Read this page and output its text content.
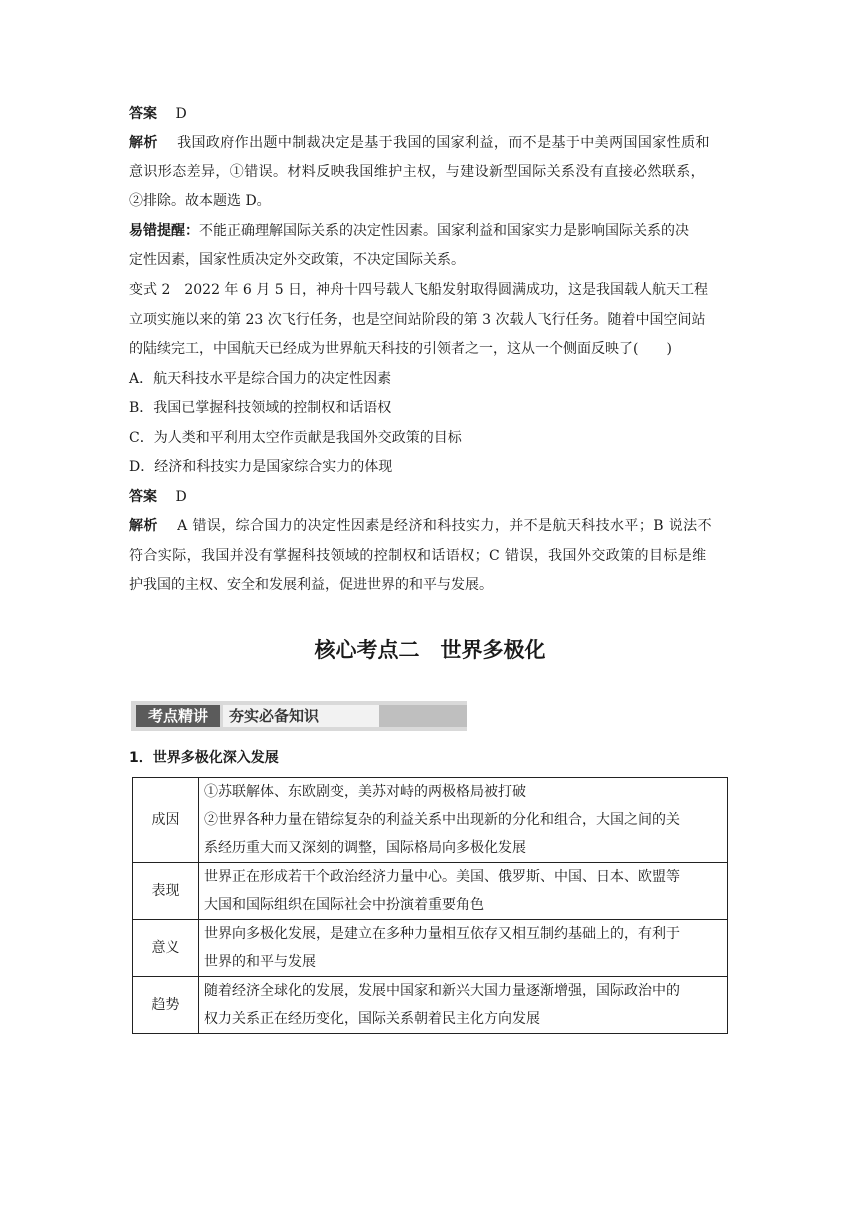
答案　 D
解析　 我国政府作出题中制裁决定是基于我国的国家利益，而不是基于中美两国国家性质和
意识形态差异，①错误。材料反映我国维护主权，与建设新型国际关系没有直接必然联系，
②排除。故本题选 D。
易错提醒：不能正确理解国际关系的决定性因素。国家利益和国家实力是影响国际关系的决
定性因素，国家性质决定外交政策，不决定国际关系。
变式 2　2022 年 6 月 5 日，神舟十四号载人飞船发射取得圆满成功，这是我国载人航天工程
立项实施以来的第 23 次飞行任务，也是空间站阶段的第 3 次载人飞行任务。随着中国空间站
的陆续完工，中国航天已经成为世界航天科技的引领者之一，这从一个侧面反映了(　　)
A．航天科技水平是综合国力的决定性因素
B．我国已掌握科技领域的控制权和话语权
C．为人类和平利用太空作贡献是我国外交政策的目标
D．经济和科技实力是国家综合实力的体现
答案　 D
解析　 A 错误，综合国力的决定性因素是经济和科技实力，并不是航天科技水平；B 说法不
符合实际，我国并没有掌握科技领域的控制权和话语权；C 错误，我国外交政策的目标是维
护我国的主权、安全和发展利益，促进世界的和平与发展。
核心考点二　世界多极化
考点精讲	夯实必备知识
1．世界多极化深入发展
成因	①苏联解体、东欧剧变，美苏对峙的两极格局被打破
②世界各种力量在错综复杂的利益关系中出现新的分化和组合，大国之间的关
系经历重大而又深刻的调整，国际格局向多极化发展

表现	世界正在形成若干个政治经济力量中心。美国、俄罗斯、中国、日本、欧盟等
大国和国际组织在国际社会中扮演着重要角色

意义	世界向多极化发展，是建立在多种力量相互依存又相互制约基础上的，有利于
世界的和平与发展

趋势	随着经济全球化的发展，发展中国家和新兴大国力量逐渐增强，国际政治中的
权力关系正在经历变化，国际关系朝着民主化方向发展
